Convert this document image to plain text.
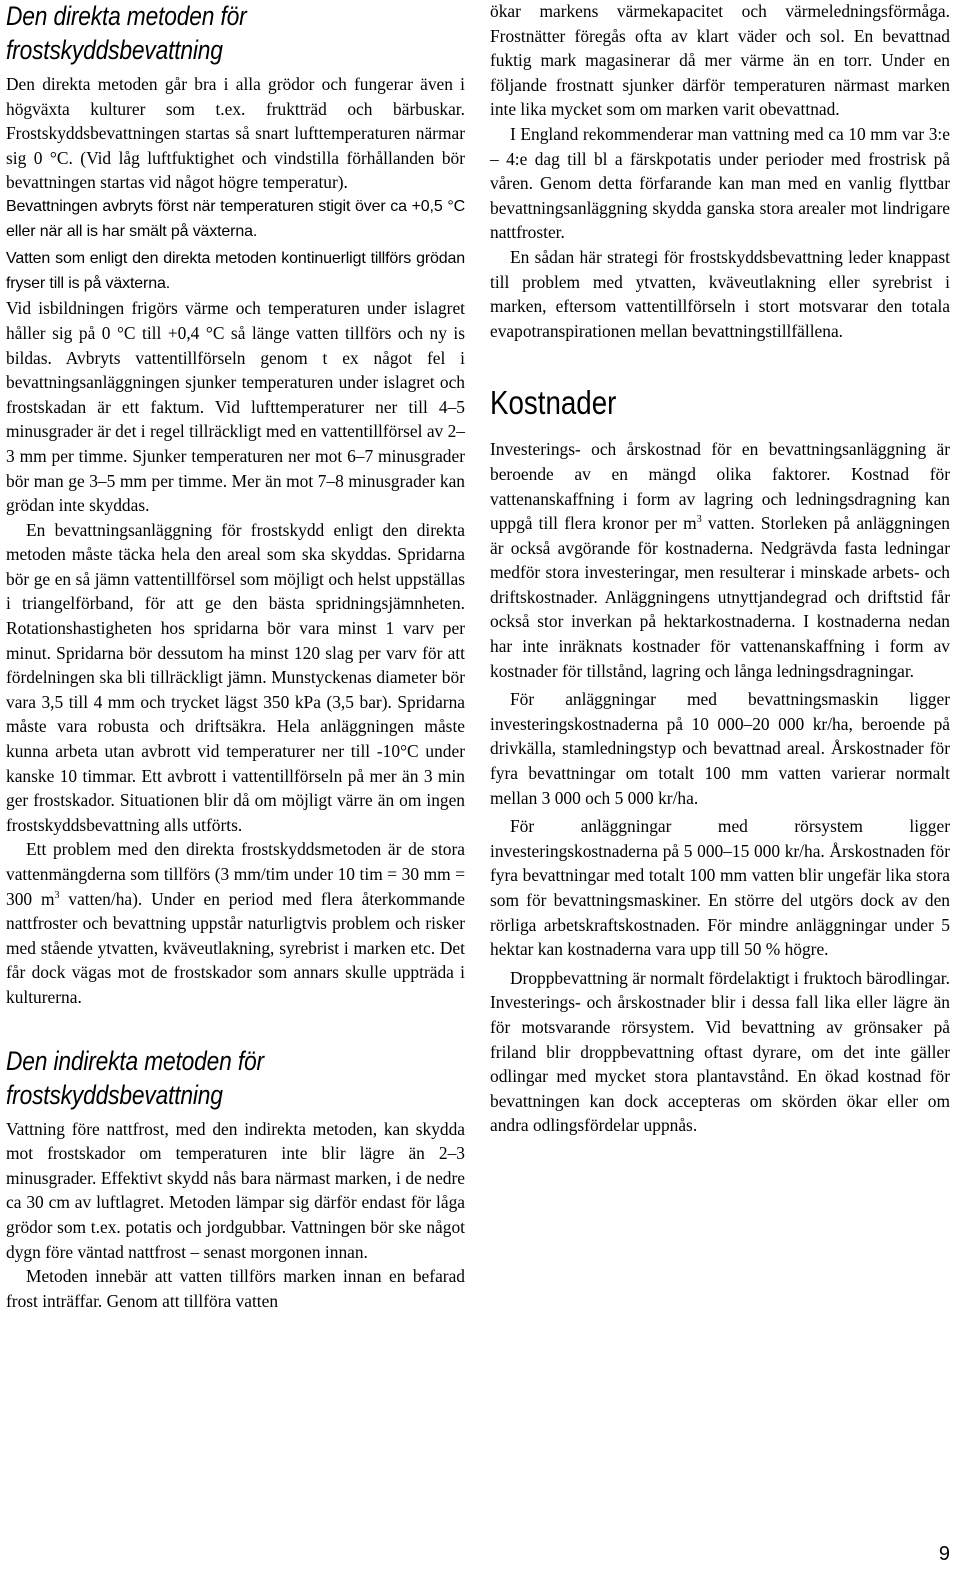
Den direkta metoden för frostskyddsbevattning

Den direkta metoden går bra i alla grödor och fungerar även i högväxta kulturer som t.ex. fruktträd och bärbuskar. Frostskyddsbevattningen startas så snart lufttemperaturen närmar sig 0 °C. (Vid låg luftfuktighet och vindstilla förhållanden bör bevattningen startas vid något högre temperatur).

Bevattningen avbryts först när temperaturen stigit över ca +0,5 °C eller när all is har smält på växterna.

Vatten som enligt den direkta metoden kontinuerligt tillförs grödan fryser till is på växterna.

Vid isbildningen frigörs värme och temperaturen under islagret håller sig på 0 °C till +0,4 °C så länge vatten tillförs och ny is bildas. Avbryts vattentillförseln genom t ex något fel i bevattningsanläggningen sjunker temperaturen under islagret och frostskadan är ett faktum. Vid lufttemperaturer ner till 4–5 minusgrader är det i regel tillräckligt med en vattentillförsel av 2–3 mm per timme. Sjunker temperaturen ner mot 6–7 minusgrader bör man ge 3–5 mm per timme. Mer än mot 7–8 minusgrader kan grödan inte skyddas.

En bevattningsanläggning för frostskydd enligt den direkta metoden måste täcka hela den areal som ska skyddas. Spridarna bör ge en så jämn vattentillförsel som möjligt och helst uppställas i triangelförband, för att ge den bästa spridningsjämnheten. Rotationshastigheten hos spridarna bör vara minst 1 varv per minut. Spridarna bör dessutom ha minst 120 slag per varv för att fördelningen ska bli tillräckligt jämn. Munstyckenas diameter bör vara 3,5 till 4 mm och trycket lägst 350 kPa (3,5 bar). Spridarna måste vara robusta och driftsäkra. Hela anläggningen måste kunna arbeta utan avbrott vid temperaturer ner till -10°C under kanske 10 timmar. Ett avbrott i vattentillförseln på mer än 3 min ger frostskador. Situationen blir då om möjligt värre än om ingen frostskyddsbevattning alls utförts.

Ett problem med den direkta frostskyddsmetoden är de stora vattenmängderna som tillförs (3 mm/tim under 10 tim = 30 mm = 300 $m^3$ vatten/ha). Under en period med flera återkommande nattfroster och bevattning uppstår naturligtvis problem och risker med stående ytvatten, kväveutlakning, syrebrist i marken etc. Det får dock vägas mot de frostskador som annars skulle uppträda i kulturerna.

Den indirekta metoden för frostskyddsbevattning

Vattning före nattfrost, med den indirekta metoden, kan skydda mot frostskador om temperaturen inte blir lägre än 2–3 minusgrader. Effektivt skydd nås bara närmast marken, i de nedre ca 30 cm av luftlagret. Metoden lämpar sig därför endast för låga grödor som t.ex. potatis och jordgubbar. Vattningen bör ske något dygn före väntad nattfrost – senast morgonen innan.

Metoden innebär att vatten tillförs marken innan en befarad frost inträffar. Genom att tillföra vatten

ökar markens värmekapacitet och värmeledningsförmåga. Frostnätter föregås ofta av klart väder och sol. En bevattnad fuktig mark magasinerar då mer värme än en torr. Under en följande frostnatt sjunker därför temperaturen närmast marken inte lika mycket som om marken varit obevattnad.

I England rekommenderar man vattning med ca 10 mm var 3:e – 4:e dag till bl a färskpotatis under perioder med frostrisk på våren. Genom detta förfarande kan man med en vanlig flyttbar bevattningsanläggning skydda ganska stora arealer mot lindrigare nattfroster.

En sådan här strategi för frostskyddsbevattning leder knappast till problem med ytvatten, kväveutlakning eller syrebrist i marken, eftersom vattentillförseln i stort motsvarar den totala evapotranspirationen mellan bevattningstillfällena.

Kostnader

Investerings- och årskostnad för en bevattningsanläggning är beroende av en mängd olika faktorer. Kostnad för vattenanskaffning i form av lagring och ledningsdragning kan uppgå till flera kronor per $m^3$ vatten. Storleken på anläggningen är också avgörande för kostnaderna. Nedgrävda fasta ledningar medför stora investeringar, men resulterar i minskade arbets- och driftskostnader. Anläggningens utnyttjandegrad och driftstid får också stor inverkan på hektarkostnaderna. I kostnaderna nedan har inte inräknats kostnader för vattenanskaffning i form av kostnader för tillstånd, lagring och långa ledningsdragningar.

För anläggningar med bevattningsmaskin ligger investeringskostnaderna på 10 000–20 000 kr/ha, beroende på drivkälla, stamledningstyp och bevattnad areal. Årskostnader för fyra bevattningar om totalt 100 mm vatten varierar normalt mellan 3 000 och 5 000 kr/ha.

För anläggningar med rörsystem ligger investeringskostnaderna på 5 000–15 000 kr/ha. Årskostnaden för fyra bevattningar med totalt 100 mm vatten blir ungefär lika stora som för bevattningsmaskiner. En större del utgörs dock av den rörliga arbetskraftskostnaden. För mindre anläggningar under 5 hektar kan kostnaderna vara upp till 50 % högre.

Droppbevattning är normalt fördelaktigt i fruktoch bärodlingar. Investerings- och årskostnader blir i dessa fall lika eller lägre än för motsvarande rörsystem. Vid bevattning av grönsaker på friland blir droppbevattning oftast dyrare, om det inte gäller odlingar med mycket stora plantavstånd. En ökad kostnad för bevattningen kan dock accepteras om skörden ökar eller om andra odlingsfördelar uppnås.

9
